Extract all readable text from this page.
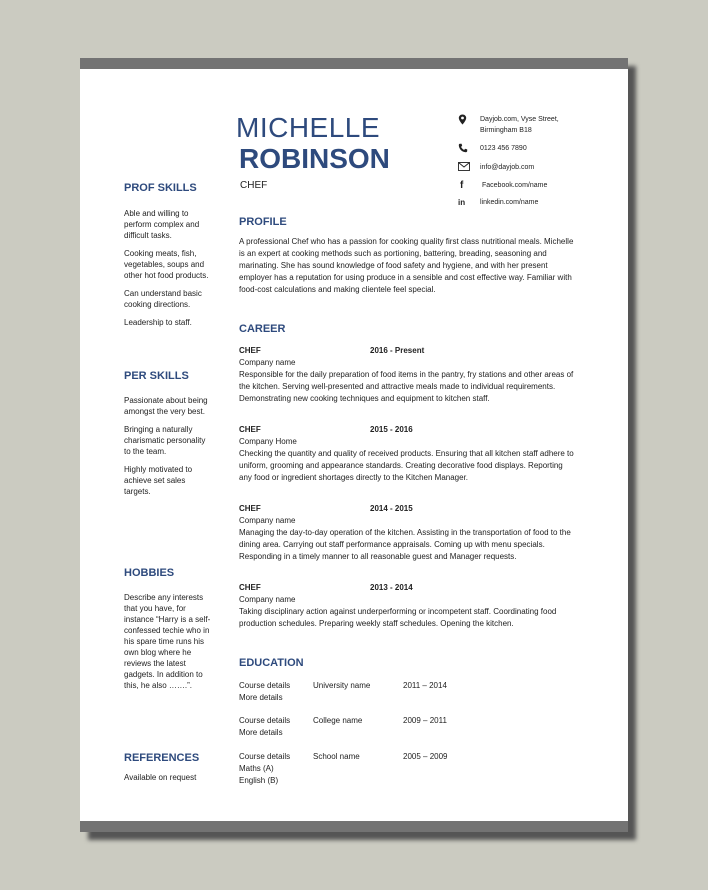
MICHELLE
ROBINSON
CHEF
Dayjob.com, Vyse Street, Birmingham B18
0123 456 7890
info@dayjob.com
f	Facebook.com/name
in	linkedin.com/name
PROF SKILLS

Able and willing to perform complex and difficult tasks.

Cooking meats, fish, vegetables, soups and other hot food products.

Can understand basic cooking directions.

Leadership to staff.

PER SKILLS

Passionate about being amongst the very best.

Bringing a naturally charismatic personality to the team.

Highly motivated to achieve set sales targets.

HOBBIES

Describe any interests that you have, for instance “Harry is a self-confessed techie who in his spare time runs his own blog where he reviews the latest gadgets. In addition to this, he also …….”.

REFERENCES

Available on request

PROFILE

A professional Chef who has a passion for cooking quality first class nutritional meals. Michelle is an expert at cooking methods such as portioning, battering, breading, seasoning and marinating. She has sound knowledge of food safety and hygiene, and with her present employer has a reputation for using produce in a sensible and cost effective way. Familiar with food-cost calculations and making clientele feel special.

CAREER
CHEF	2016 - Present
Company name
Responsible for the daily preparation of food items in the pantry, fry stations and other areas of the kitchen. Serving well-presented and attractive meals made to individual requirements. Demonstrating new cooking techniques and equipment to kitchen staff.
CHEF	2015 - 2016
Company Home
Checking the quantity and quality of received products. Ensuring that all kitchen staff adhere to uniform, grooming and appearance standards. Creating decorative food displays. Reporting any food or ingredient shortages directly to the Kitchen Manager.
CHEF	2014 - 2015
Company name
Managing the day-to-day operation of the kitchen. Assisting in the transportation of food to the dining area. Carrying out staff performance appraisals. Coming up with menu specials. Responding in a timely manner to all reasonable guest and Manager requests.
CHEF	2013 - 2014
Company name
Taking disciplinary action against underperforming or incompetent staff. Coordinating food production schedules. Preparing weekly staff schedules. Opening the kitchen.
EDUCATION
Course details	University name	2011 – 2014
More details
Course details	College name	2009 – 2011
More details
Course details	School name	2005 – 2009
Maths (A)
English (B)
